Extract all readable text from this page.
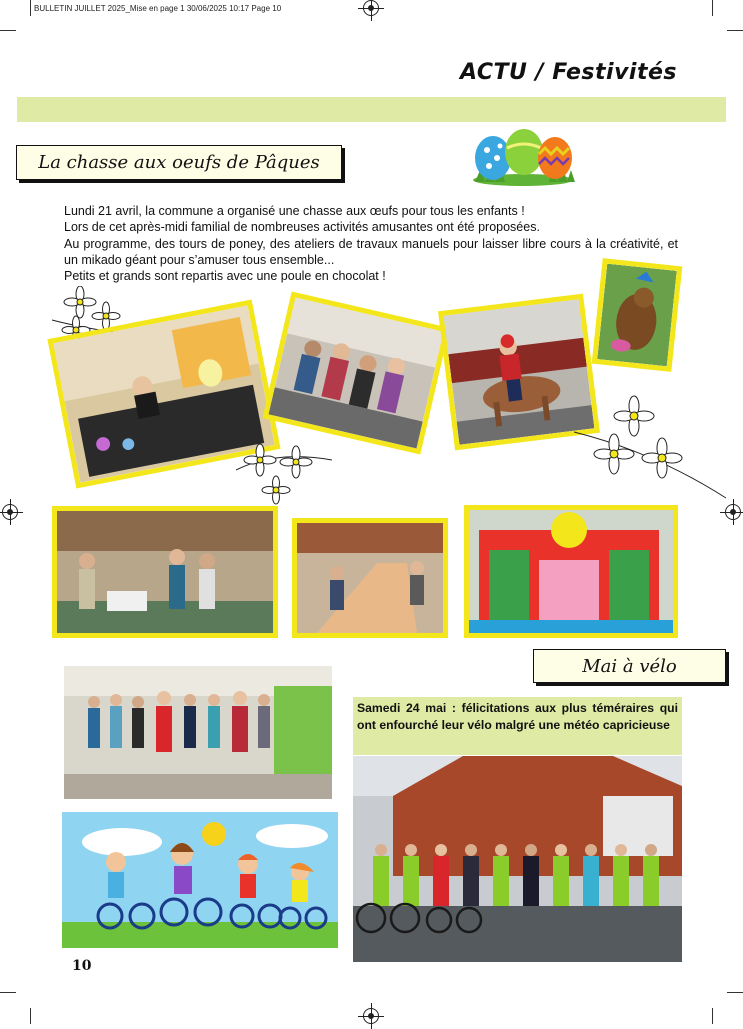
BULLETIN JUILLET 2025_Mise en page 1 30/06/2025 10:17 Page 10
ACTU / Festivités
La chasse aux oeufs de Pâques

Lundi 21 avril, la commune a organisé une chasse aux œufs pour tous les enfants !

Lors de cet après-midi familial de nombreuses activités amusantes ont été proposées.

Au programme, des tours de poney, des ateliers de travaux manuels pour laisser libre cours à la créativité, et un mikado géant pour s’amuser tous ensemble...

Petits et grands sont repartis avec une poule en chocolat !

Mai à vélo
Samedi 24 mai : félicitations aux plus téméraires qui ont enfourché leur vélo malgré une météo capricieuse
10
